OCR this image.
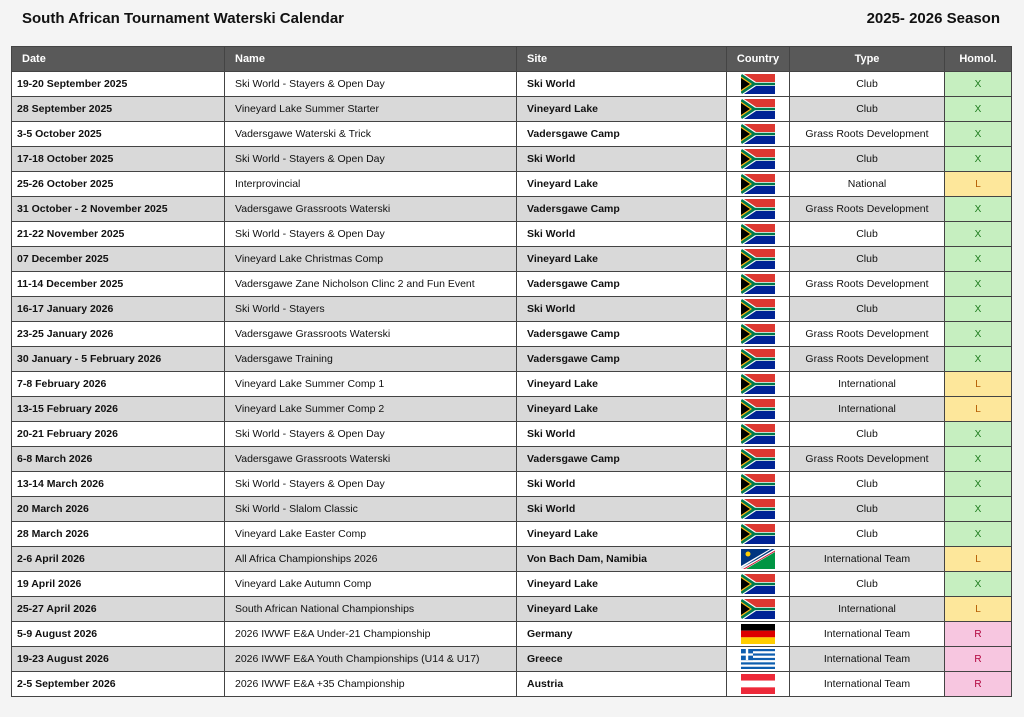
South African Tournament Waterski Calendar	2025- 2026 Season
Date	Name	Site	Country	Type	Homol.
19-20 September 2025	Ski World - Stayers & Open Day	Ski World		Club	X
28 September 2025	Vineyard Lake Summer Starter	Vineyard Lake		Club	X
3-5 October 2025	Vadersgawe Waterski & Trick	Vadersgawe Camp		Grass Roots Development	X
17-18 October 2025	Ski World - Stayers & Open Day	Ski World		Club	X
25-26 October 2025	Interprovincial	Vineyard Lake		National	L
31 October - 2 November 2025	Vadersgawe Grassroots Waterski	Vadersgawe Camp		Grass Roots Development	X
21-22 November 2025	Ski World - Stayers & Open Day	Ski World		Club	X
07 December 2025	Vineyard Lake Christmas Comp	Vineyard Lake		Club	X
11-14 December 2025	Vadersgawe Zane Nicholson Clinc 2 and Fun Event	Vadersgawe Camp		Grass Roots Development	X
16-17 January 2026	Ski World - Stayers	Ski World		Club	X
23-25 January 2026	Vadersgawe Grassroots Waterski	Vadersgawe Camp		Grass Roots Development	X
30 January - 5 February 2026	Vadersgawe Training	Vadersgawe Camp		Grass Roots Development	X
7-8 February 2026	Vineyard Lake Summer Comp 1	Vineyard Lake		International	L
13-15 February 2026	Vineyard Lake Summer Comp 2	Vineyard Lake		International	L
20-21 February 2026	Ski World - Stayers & Open Day	Ski World		Club	X
6-8 March 2026	Vadersgawe Grassroots Waterski	Vadersgawe Camp		Grass Roots Development	X
13-14 March 2026	Ski World - Stayers & Open Day	Ski World		Club	X
20 March 2026	Ski World - Slalom Classic	Ski World		Club	X
28 March 2026	Vineyard Lake Easter Comp	Vineyard Lake		Club	X
2-6 April 2026	All Africa Championships 2026	Von Bach Dam, Namibia		International Team	L
19 April 2026	Vineyard Lake Autumn Comp	Vineyard Lake		Club	X
25-27 April 2026	South African National Championships	Vineyard Lake		International	L
5-9 August 2026	2026 IWWF E&A Under-21 Championship	Germany		International Team	R
19-23 August 2026	2026 IWWF E&A Youth Championships (U14 & U17)	Greece		International Team	R
2-5 September 2026	2026 IWWF E&A +35 Championship	Austria		International Team	R
